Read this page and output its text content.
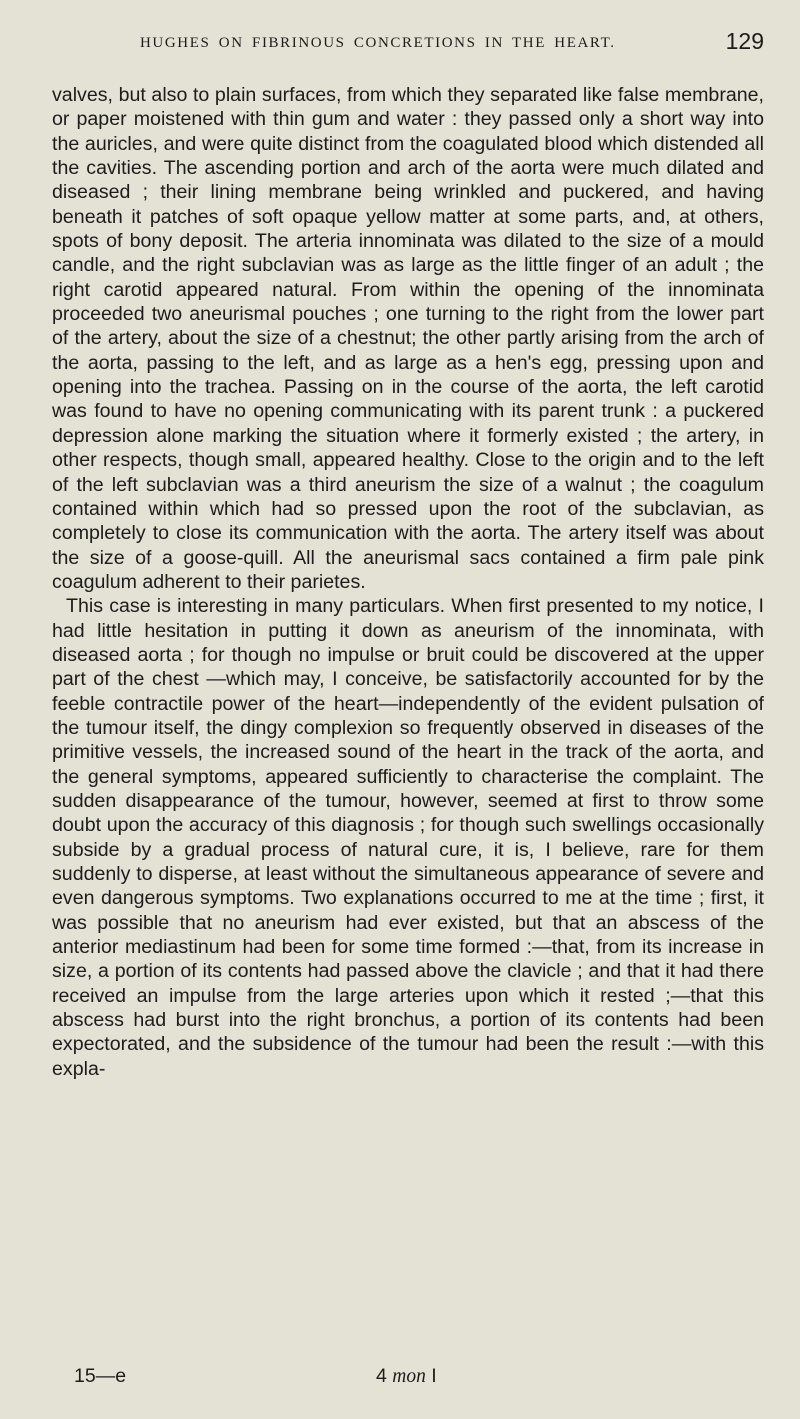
HUGHES ON FIBRINOUS CONCRETIONS IN THE HEART.	129

valves, but also to plain surfaces, from which they separated like false membrane, or paper moistened with thin gum and water : they passed only a short way into the auricles, and were quite distinct from the coagulated blood which distended all the cavities. The ascending portion and arch of the aorta were much dilated and diseased ; their lining membrane being wrinkled and puckered, and having beneath it patches of soft opaque yellow matter at some parts, and, at others, spots of bony deposit. The arteria innominata was dilated to the size of a mould candle, and the right subclavian was as large as the little finger of an adult ; the right carotid appeared natural. From within the opening of the innominata proceeded two aneurismal pouches ; one turning to the right from the lower part of the artery, about the size of a chestnut; the other partly arising from the arch of the aorta, passing to the left, and as large as a hen's egg, pressing upon and opening into the trachea. Passing on in the course of the aorta, the left carotid was found to have no opening communicating with its parent trunk : a puckered depression alone marking the situation where it formerly existed ; the artery, in other respects, though small, appeared healthy. Close to the origin and to the left of the left subclavian was a third aneurism the size of a walnut ; the coagulum contained within which had so pressed upon the root of the subclavian, as completely to close its communication with the aorta. The artery itself was about the size of a goose-quill. All the aneurismal sacs contained a firm pale pink coagulum adherent to their parietes.

This case is interesting in many particulars. When first presented to my notice, I had little hesitation in putting it down as aneurism of the innominata, with diseased aorta ; for though no impulse or bruit could be discovered at the upper part of the chest —which may, I conceive, be satisfactorily accounted for by the feeble contractile power of the heart—independently of the evident pulsation of the tumour itself, the dingy complexion so frequently observed in diseases of the primitive vessels, the increased sound of the heart in the track of the aorta, and the general symptoms, appeared sufficiently to characterise the complaint. The sudden disappearance of the tumour, however, seemed at first to throw some doubt upon the accuracy of this diagnosis ; for though such swellings occasionally subside by a gradual process of natural cure, it is, I believe, rare for them suddenly to disperse, at least without the simultaneous appearance of severe and even dangerous symptoms. Two explanations occurred to me at the time ; first, it was possible that no aneurism had ever existed, but that an abscess of the anterior mediastinum had been for some time formed :—that, from its increase in size, a portion of its contents had passed above the clavicle ; and that it had there received an impulse from the large arteries upon which it rested ;—that this abscess had burst into the right bronchus, a portion of its contents had been expectorated, and the subsidence of the tumour had been the result :—with this expla-

15—e	4 mon I
